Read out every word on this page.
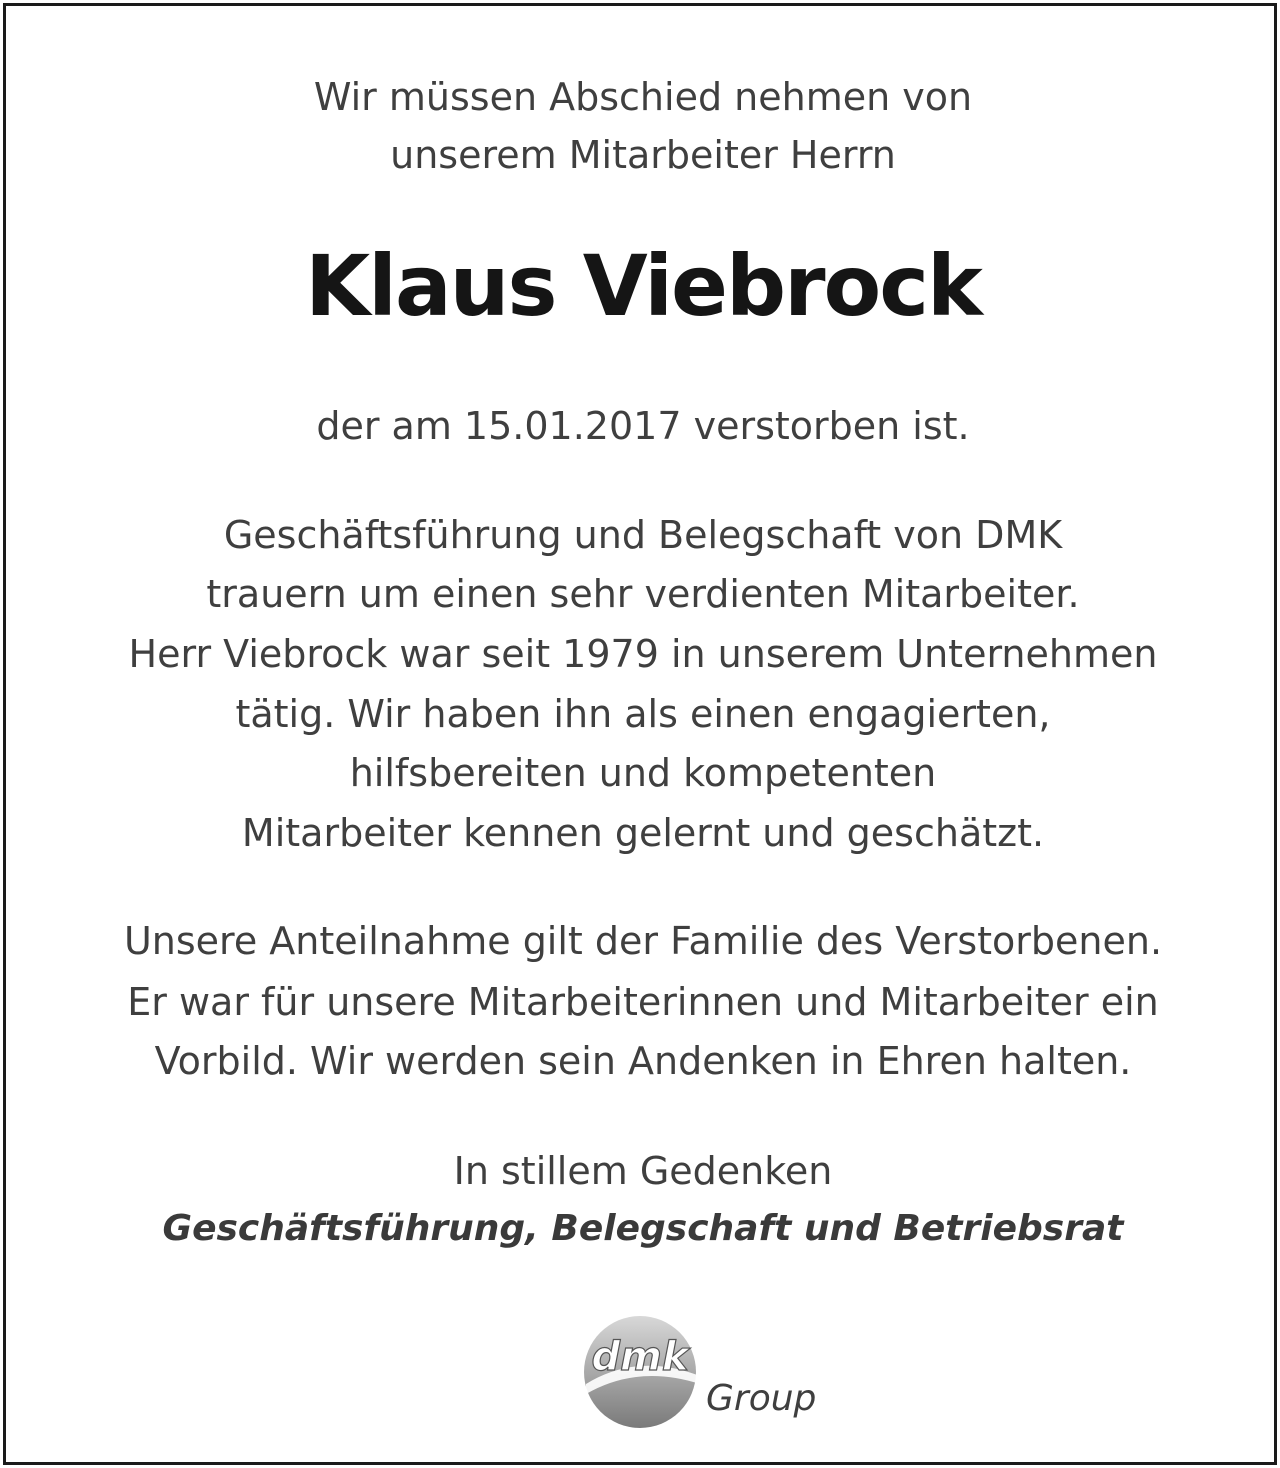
Wir müssen Abschied nehmen von
unserem Mitarbeiter Herrn
Klaus Viebrock
der am 15.01.2017 verstorben ist.
Geschäftsführung und Belegschaft von DMK
trauern um einen sehr verdienten Mitarbeiter.
Herr Viebrock war seit 1979 in unserem Unternehmen
tätig. Wir haben ihn als einen engagierten,
hilfsbereiten und kompetenten
Mitarbeiter kennen gelernt und geschätzt.
Unsere Anteilnahme gilt der Familie des Verstorbenen.
Er war für unsere Mitarbeiterinnen und Mitarbeiter ein
Vorbild. Wir werden sein Andenken in Ehren halten.
In stillem Gedenken
Geschäftsführung, Belegschaft und Betriebsrat
dmk
Group
